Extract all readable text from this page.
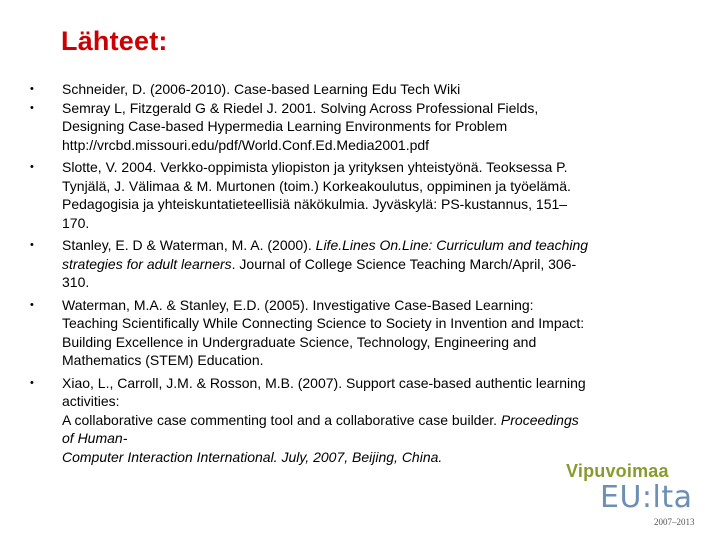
Lähteet:
• Schneider, D. (2006-2010). Case-based Learning Edu Tech Wiki
• Semray L, Fitzgerald G & Riedel J. 2001. Solving Across Professional Fields,
Designing Case-based Hypermedia Learning Environments for Problem
http://vrcbd.missouri.edu/pdf/World.Conf.Ed.Media2001.pdf
• Slotte, V. 2004. Verkko-oppimista yliopiston ja yrityksen yhteistyönä. Teoksessa P.
Tynjälä, J. Välimaa & M. Murtonen (toim.) Korkeakoulutus, oppiminen ja työelämä.
Pedagogisia ja yhteiskuntatieteellisiä näkökulmia. Jyväskylä: PS-kustannus, 151–
170.
• Stanley, E. D & Waterman, M. A. (2000). Life.Lines On.Line: Curriculum and teaching
strategies for adult learners. Journal of College Science Teaching March/April, 306-
310.
• Waterman, M.A. & Stanley, E.D. (2005). Investigative Case-Based Learning:
Teaching Scientifically While Connecting Science to Society in Invention and Impact:
Building Excellence in Undergraduate Science, Technology, Engineering and
Mathematics (STEM) Education.
• Xiao, L., Carroll, J.M. & Rosson, M.B. (2007). Support case-based authentic learning
activities:
A collaborative case commenting tool and a collaborative case builder. Proceedings
of Human-
Computer Interaction International. July, 2007, Beijing, China.
Vipuvoimaa
EU:lta
2007–2013
